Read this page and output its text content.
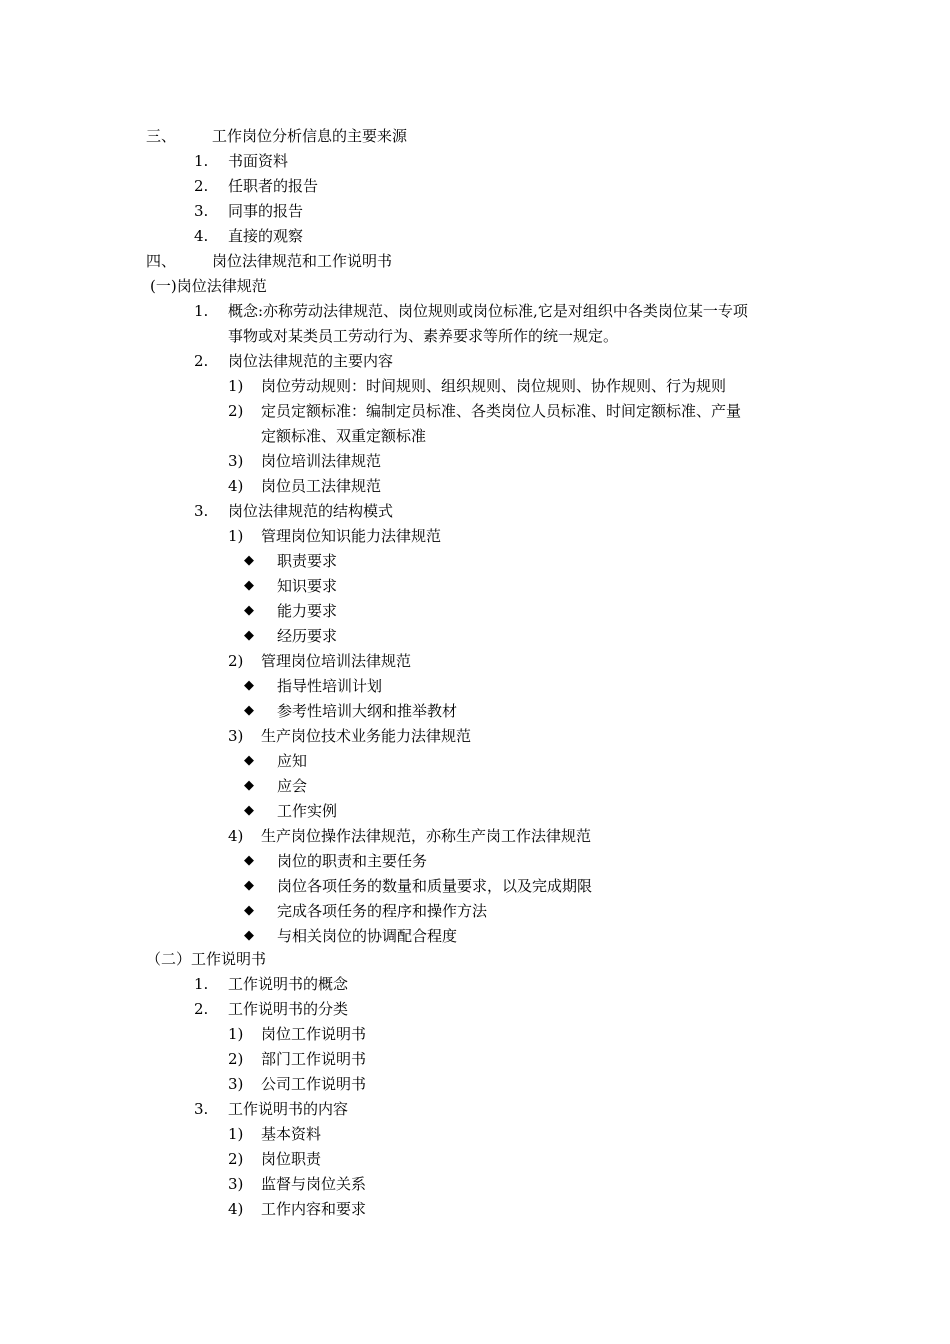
三、 工作岗位分析信息的主要来源
1. 书面资料
2. 任职者的报告
3. 同事的报告
4. 直接的观察
四、 岗位法律规范和工作说明书
(一)岗位法律规范
1. 概念:亦称劳动法律规范、岗位规则或岗位标准,它是对组织中各类岗位某一专项
事物或对某类员工劳动行为、素养要求等所作的统一规定。
2. 岗位法律规范的主要内容
1) 岗位劳动规则：时间规则、组织规则、岗位规则、协作规则、行为规则
2) 定员定额标准：编制定员标准、各类岗位人员标准、时间定额标准、产量
定额标准、双重定额标准
3) 岗位培训法律规范
4) 岗位员工法律规范
3. 岗位法律规范的结构模式
1) 管理岗位知识能力法律规范
◆ 职责要求
◆ 知识要求
◆ 能力要求
◆ 经历要求
2) 管理岗位培训法律规范
◆ 指导性培训计划
◆ 参考性培训大纲和推举教材
3) 生产岗位技术业务能力法律规范
◆ 应知
◆ 应会
◆ 工作实例
4) 生产岗位操作法律规范，亦称生产岗工作法律规范
◆ 岗位的职责和主要任务
◆ 岗位各项任务的数量和质量要求，以及完成期限
◆ 完成各项任务的程序和操作方法
◆ 与相关岗位的协调配合程度
（二）工作说明书
1. 工作说明书的概念
2. 工作说明书的分类
1) 岗位工作说明书
2) 部门工作说明书
3) 公司工作说明书
3. 工作说明书的内容
1) 基本资料
2) 岗位职责
3) 监督与岗位关系
4) 工作内容和要求
